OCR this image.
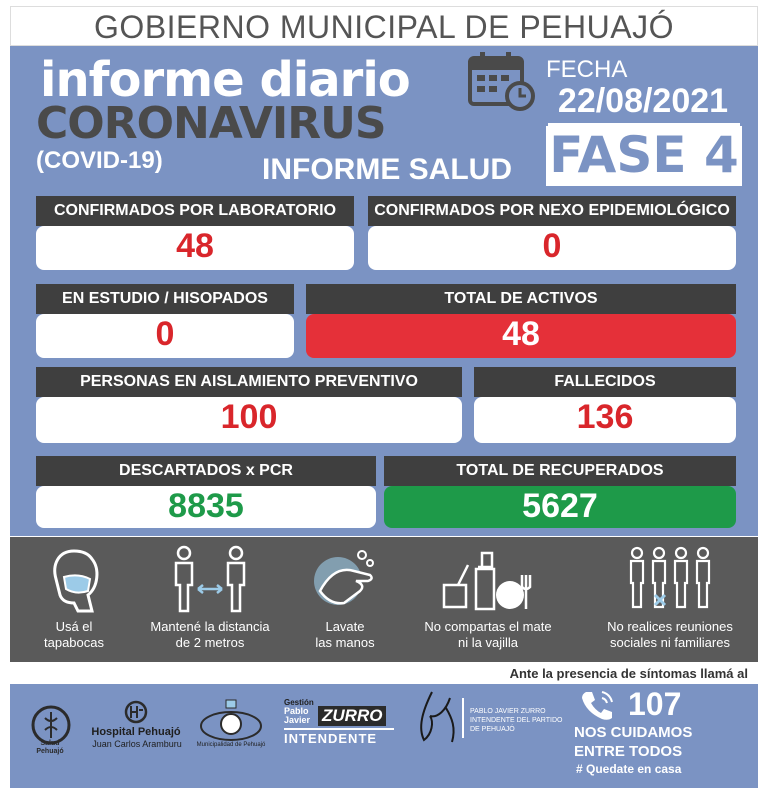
GOBIERNO MUNICIPAL DE PEHUAJÓ
informe diario
CORONAVIRUS
(COVID-19)	INFORME SALUD
FECHA
22/08/2021
FASE 4
CONFIRMADOS POR LABORATORIO
48
CONFIRMADOS POR NEXO EPIDEMIOLÓGICO
0
EN ESTUDIO / HISOPADOS
0
TOTAL DE ACTIVOS
48
PERSONAS EN AISLAMIENTO PREVENTIVO
100
FALLECIDOS
136
DESCARTADOS x PCR
8835
TOTAL DE RECUPERADOS
5627
Usá el
tapabocas
Mantené la distancia
de 2 metros
Lavate
las manos
No compartas el mate
ni la vajilla
No realices reuniones
sociales ni familiares
Ante la presencia de síntomas llamá al
Salud
Pehuajó
Hospital Pehuajó
Juan Carlos Aramburu	Municipalidad de Pehuajó
Gestión
Pablo
Javier ZURRO
INTENDENTE
PABLO JAVIER ZURRO
INTENDENTE DEL PARTIDO
DE PEHUAJÓ
107
NOS CUIDAMOS
ENTRE TODOS
# Quedate en casa
